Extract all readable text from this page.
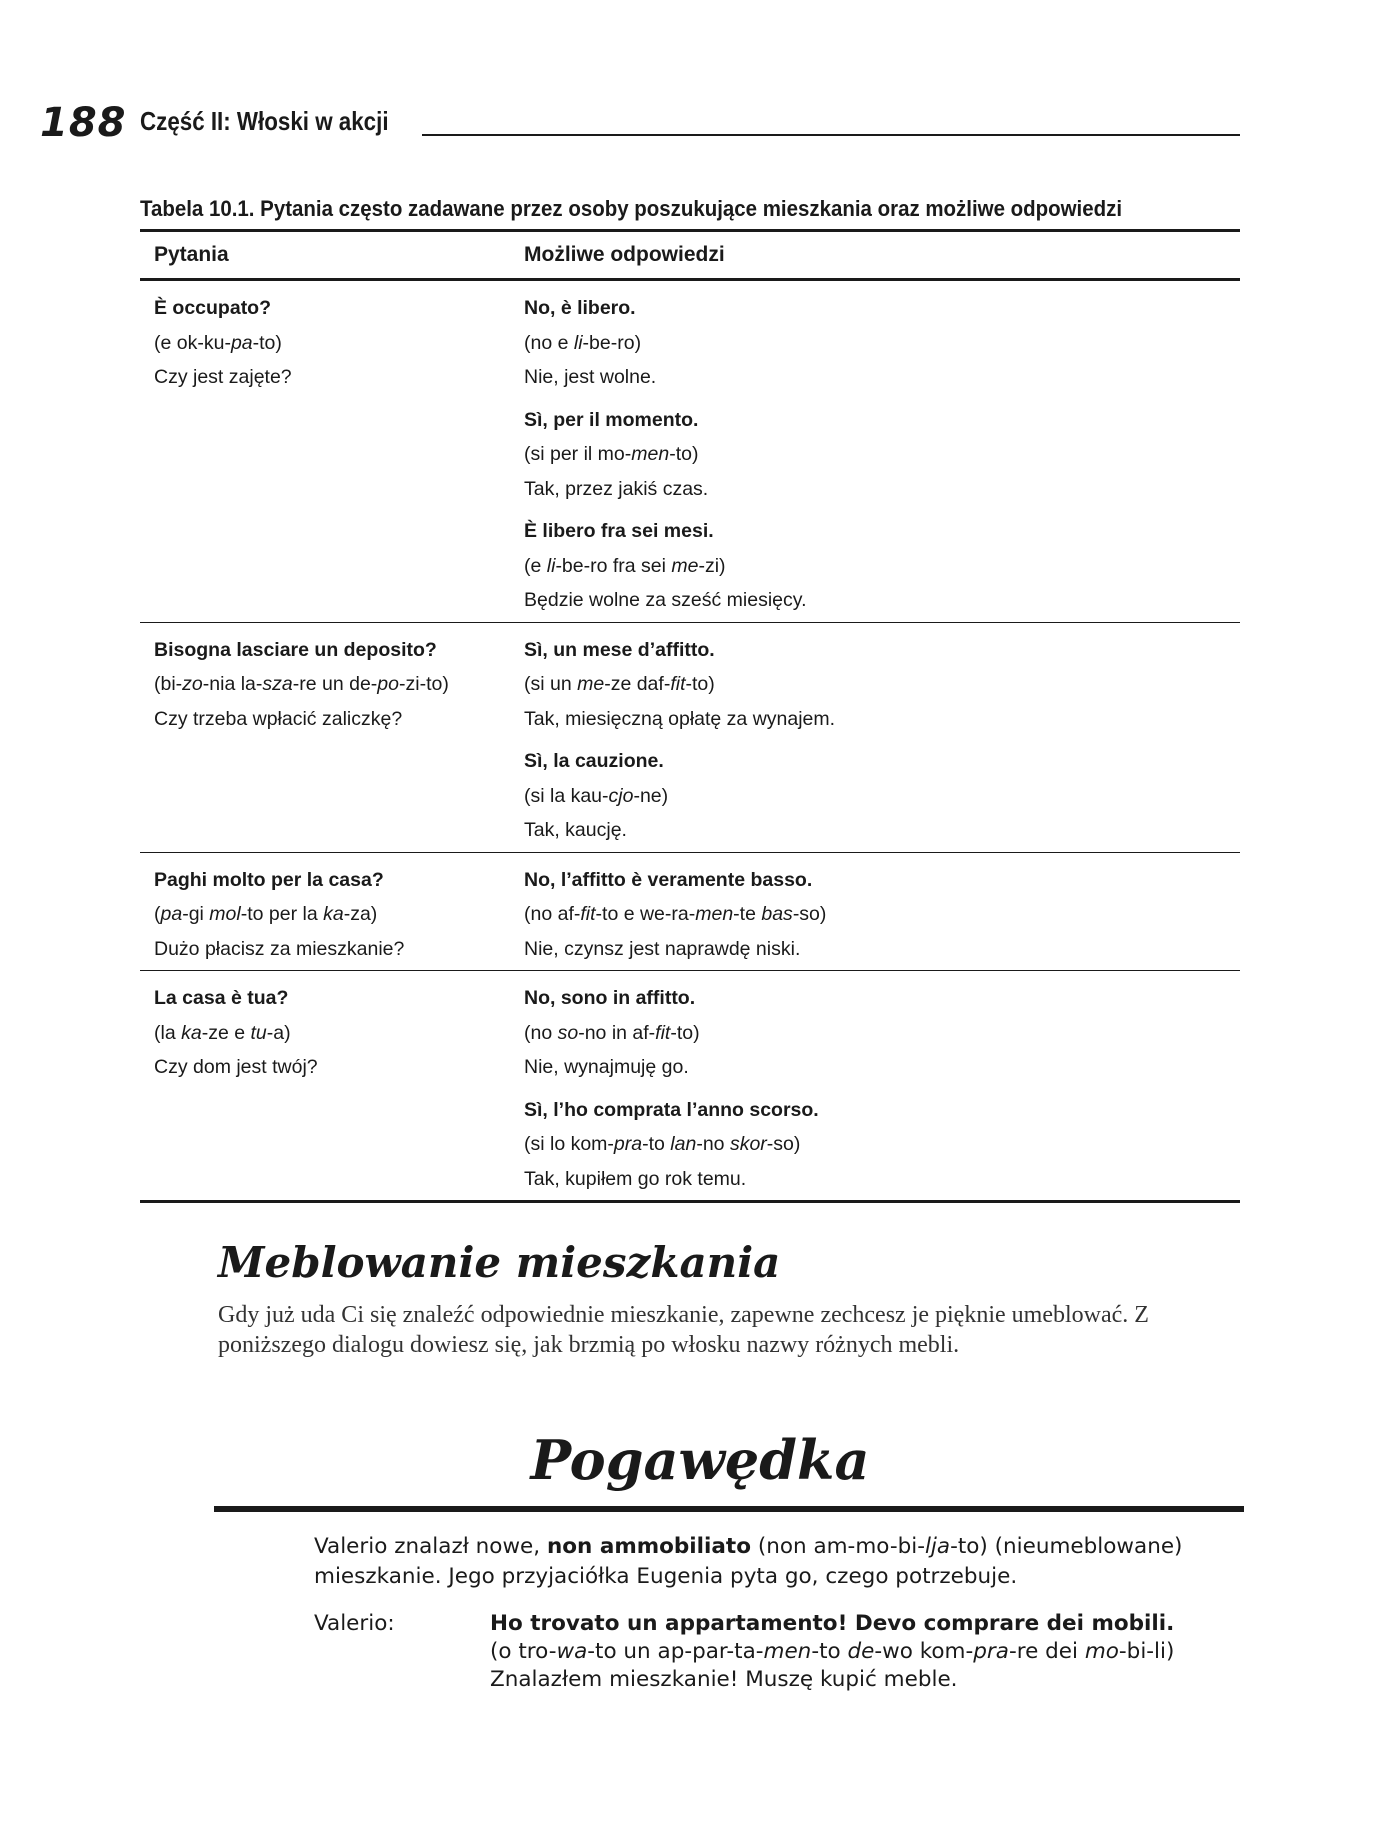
188 Część II: Włoski w akcji
Tabela 10.1. Pytania często zadawane przez osoby poszukujące mieszkania oraz możliwe odpowiedzi
Pytania	Możliwe odpowiedzi
È occupato?
(e ok-ku-pa-to)
Czy jest zajęte?
No, è libero.
(no e li-be-ro)
Nie, jest wolne.
Sì, per il momento.
(si per il mo-men-to)
Tak, przez jakiś czas.
È libero fra sei mesi.
(e li-be-ro fra sei me-zi)
Będzie wolne za sześć miesięcy.
Bisogna lasciare un deposito?
(bi-zo-nia la-sza-re un de-po-zi-to)
Czy trzeba wpłacić zaliczkę?
Sì, un mese d’affitto.
(si un me-ze daf-fit-to)
Tak, miesięczną opłatę za wynajem.
Sì, la cauzione.
(si la kau-cjo-ne)
Tak, kaucję.
Paghi molto per la casa?
(pa-gi mol-to per la ka-za)
Dużo płacisz za mieszkanie?
No, l’affitto è veramente basso.
(no af-fit-to e we-ra-men-te bas-so)
Nie, czynsz jest naprawdę niski.
La casa è tua?
(la ka-ze e tu-a)
Czy dom jest twój?
No, sono in affitto.
(no so-no in af-fit-to)
Nie, wynajmuję go.
Sì, l’ho comprata l’anno scorso.
(si lo kom-pra-to lan-no skor-so)
Tak, kupiłem go rok temu.
Meblowanie mieszkania
Gdy już uda Ci się znaleźć odpowiednie mieszkanie, zapewne zechcesz je pięknie umeblować. Z poniższego dialogu dowiesz się, jak brzmią po włosku nazwy różnych mebli.
Pogawędka
Valerio znalazł nowe, non ammobiliato (non am-mo-bi-lja-to) (nieumeblowane) mieszkanie. Jego przyjaciółka Eugenia pyta go, czego potrzebuje.
Valerio:	Ho trovato un appartamento! Devo comprare dei mobili.
(o tro-wa-to un ap-par-ta-men-to de-wo kom-pra-re dei mo-bi-li)
Znalazłem mieszkanie! Muszę kupić meble.
